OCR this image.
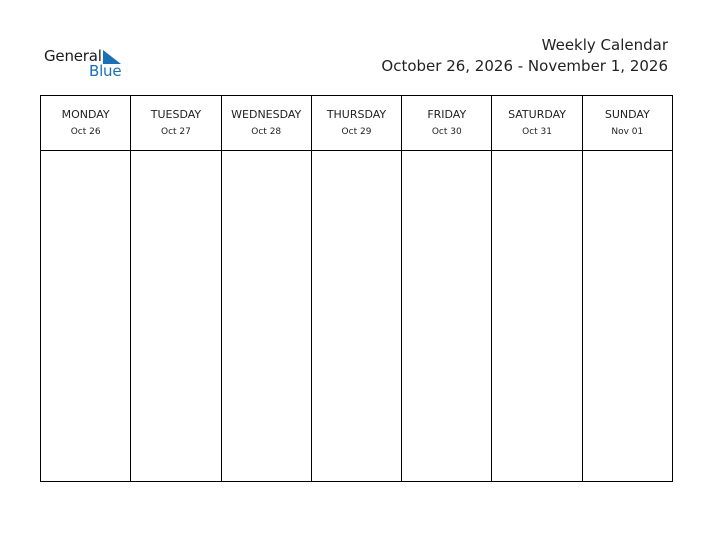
General
Blue
Weekly Calendar
October 26, 2026 - November 1, 2026
MONDAY
Oct 26
TUESDAY
Oct 27
WEDNESDAY
Oct 28
THURSDAY
Oct 29
FRIDAY
Oct 30
SATURDAY
Oct 31
SUNDAY
Nov 01
